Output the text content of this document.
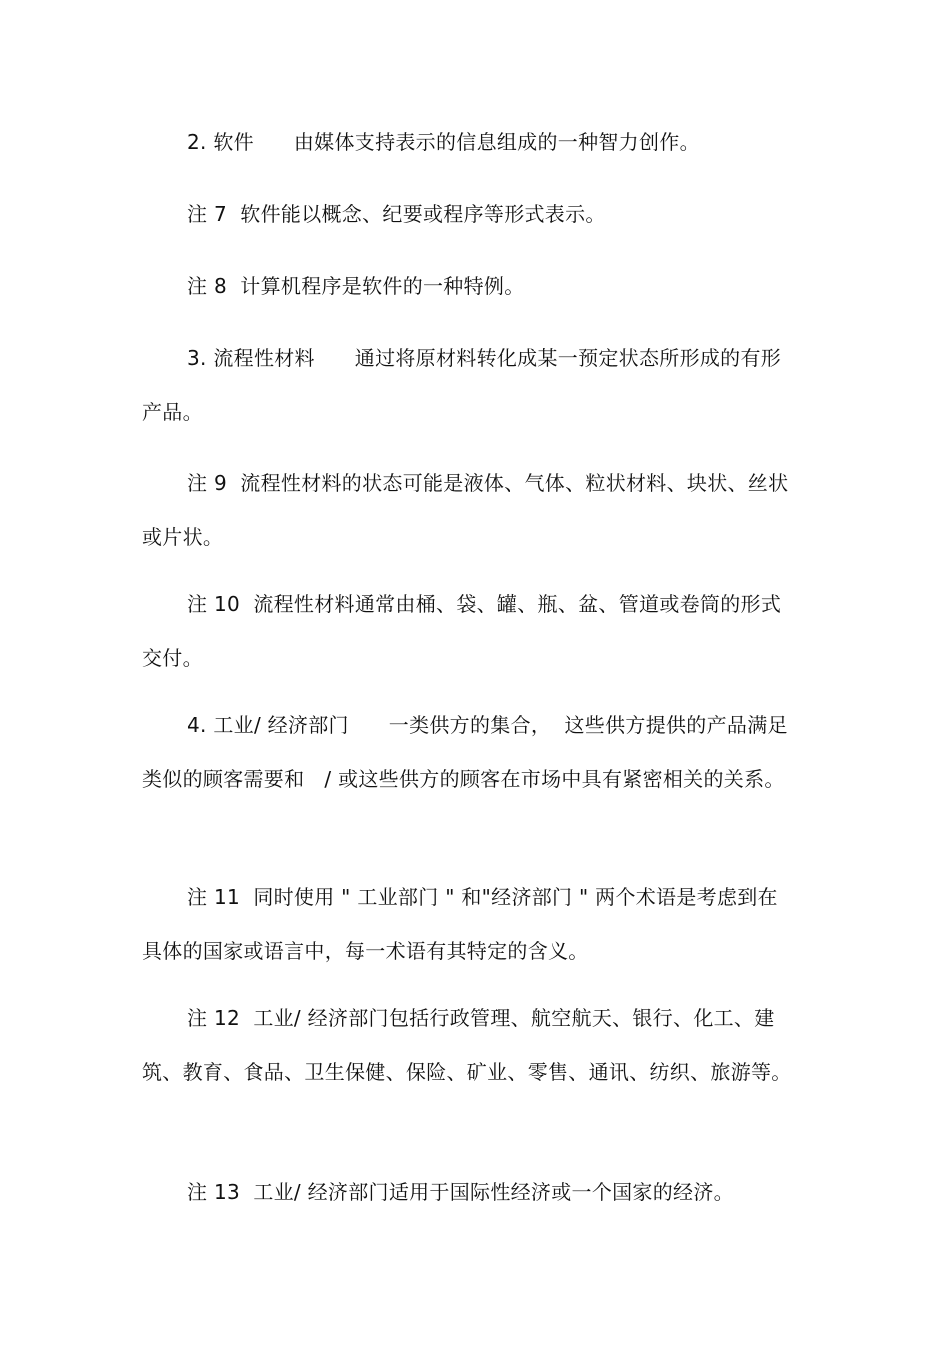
2. 软件      由媒体支持表示的信息组成的一种智力创作。

注 7  软件能以概念、纪要或程序等形式表示。

注 8  计算机程序是软件的一种特例。

3. 流程性材料      通过将原材料转化成某一预定状态所形成的有形产品。

注 9  流程性材料的状态可能是液体、气体、粒状材料、块状、丝状或片状。

注 10  流程性材料通常由桶、袋、罐、瓶、盆、管道或卷筒的形式交付。

4. 工业/ 经济部门      一类供方的集合，  这些供方提供的产品满足类似的顾客需要和   / 或这些供方的顾客在市场中具有紧密相关的关系。

注 11  同时使用 " 工业部门 " 和"经济部门 " 两个术语是考虑到在具体的国家或语言中，每一术语有其特定的含义。

注 12  工业/ 经济部门包括行政管理、航空航天、银行、化工、建筑、教育、食品、卫生保健、保险、矿业、零售、通讯、纺织、旅游等。

注 13  工业/ 经济部门适用于国际性经济或一个国家的经济。
